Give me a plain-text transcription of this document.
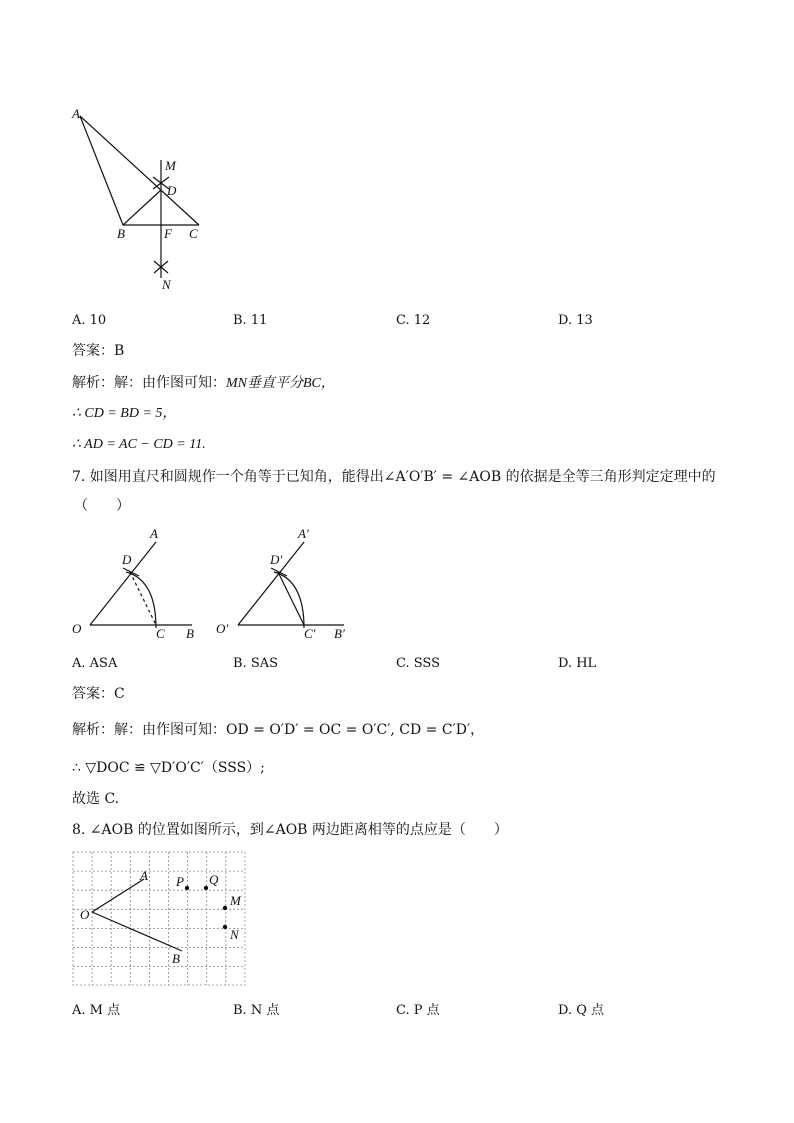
A
M
D
B	F C
N
A. 10	B. 11	C. 12	D. 13
答案：B
解析：解：由作图可知：MN垂直平分BC，
∴ CD = BD = 5，
∴ AD = AC − CD = 11.
7. 如图用直尺和圆规作一个角等于已知角，能得出∠A′O′B′ = ∠AOB 的依据是全等三角形判定定理中的
（　　）
A
D
O	C B
A′
D′
O′	C′ B′
A. ASA	B. SAS	C. SSS	D. HL
答案：C
解析：解：由作图可知：OD = O′D′ = OC = O′C′, CD = C′D′，
∴ ▽DOC ≌ ▽D′O′C′（SSS）;
故选 C.
8. ∠AOB 的位置如图所示，到∠AOB 两边距离相等的点应是（　　）
A
O
B
P Q
M
N
A. M 点	B. N 点	C. P 点	D. Q 点
